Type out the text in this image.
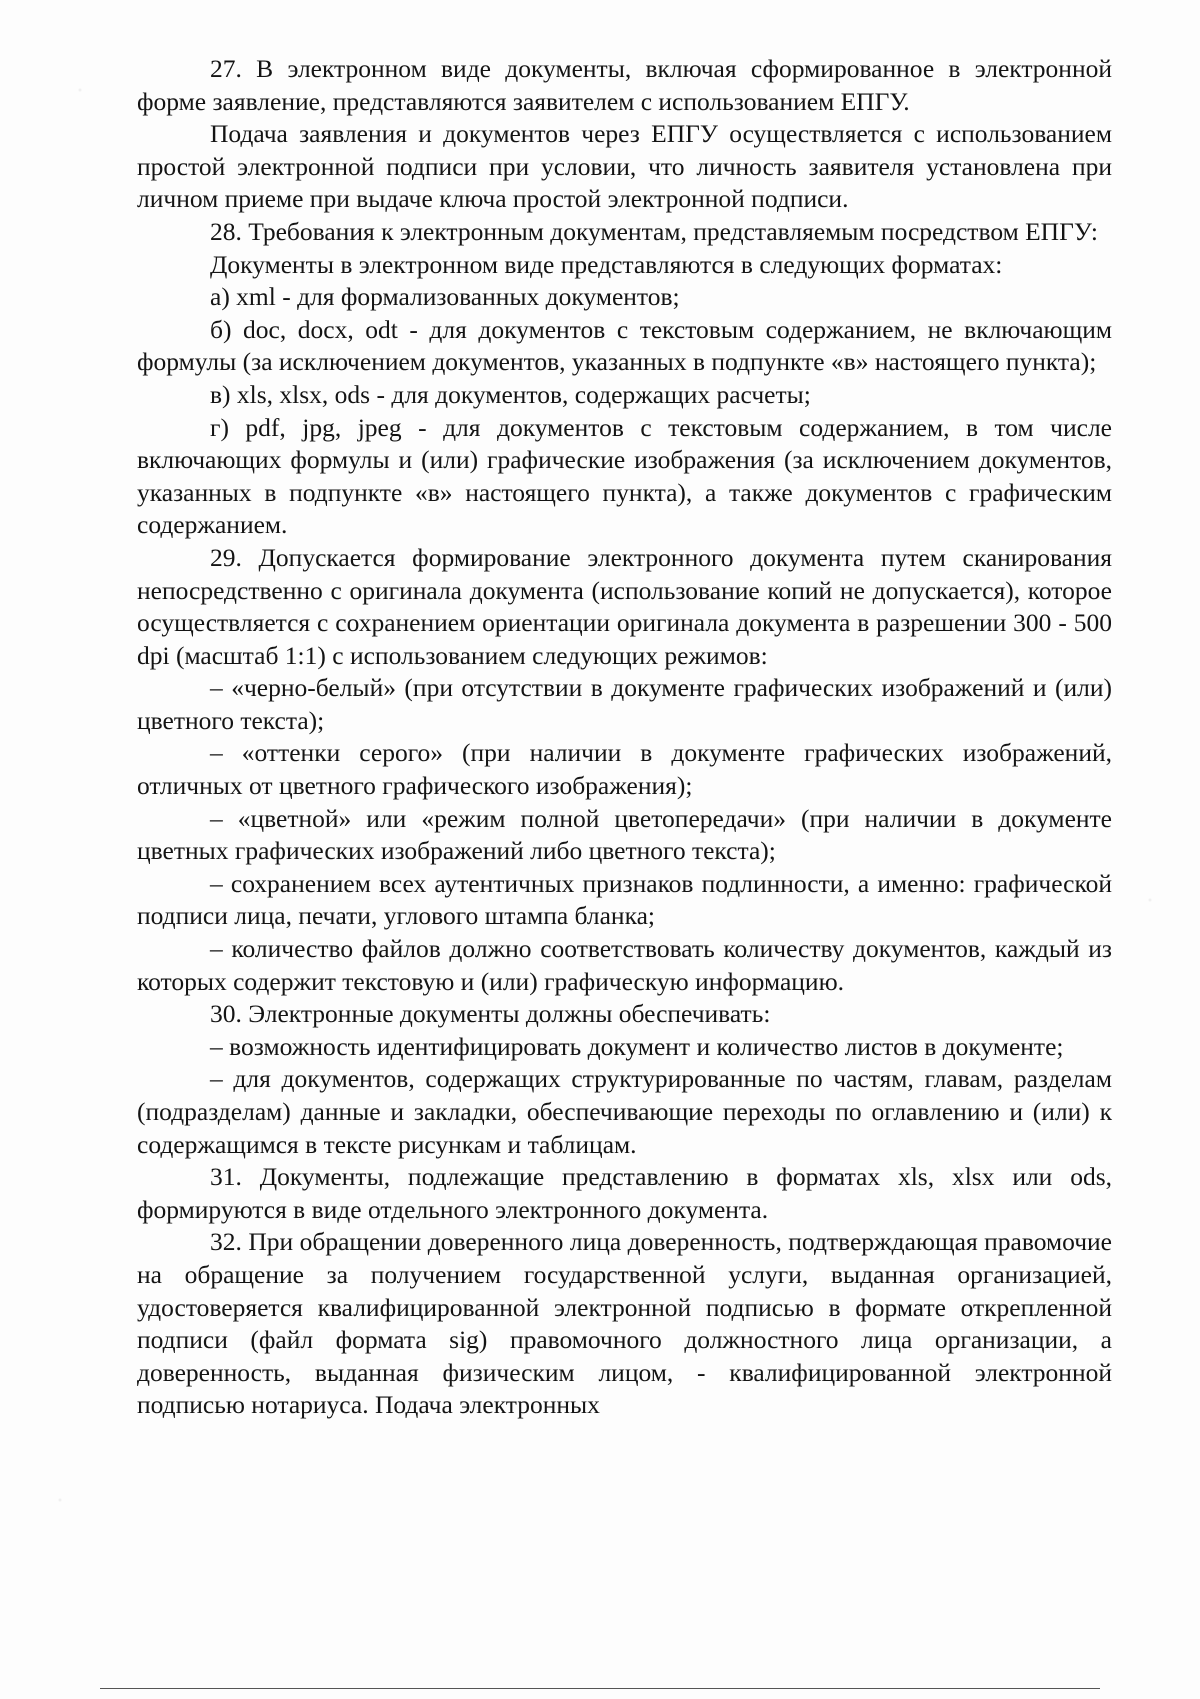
27. В электронном виде документы, включая сформированное в электронной форме заявление, представляются заявителем с использованием ЕПГУ.

Подача заявления и документов через ЕПГУ осуществляется с использованием простой электронной подписи при условии, что личность заявителя установлена при личном приеме при выдаче ключа простой электронной подписи.

28. Требования к электронным документам, представляемым посредством ЕПГУ:

Документы в электронном виде представляются в следующих форматах:

а) xml - для формализованных документов;

б) doc, docx, odt - для документов с текстовым содержанием, не включающим формулы (за исключением документов, указанных в подпункте «в» настоящего пункта);

в) xls, xlsx, ods - для документов, содержащих расчеты;

г) pdf, jpg, jpeg - для документов с текстовым содержанием, в том числе включающих формулы и (или) графические изображения (за исключением документов, указанных в подпункте «в» настоящего пункта), а также документов с графическим содержанием.

29. Допускается формирование электронного документа путем сканирования непосредственно с оригинала документа (использование копий не допускается), которое осуществляется с сохранением ориентации оригинала документа в разрешении 300 - 500 dpi (масштаб 1:1) с использованием следующих режимов:

– «черно-белый» (при отсутствии в документе графических изображений и (или) цветного текста);

– «оттенки серого» (при наличии в документе графических изображений, отличных от цветного графического изображения);

– «цветной» или «режим полной цветопередачи» (при наличии в документе цветных графических изображений либо цветного текста);

– сохранением всех аутентичных признаков подлинности, а именно: графической подписи лица, печати, углового штампа бланка;

– количество файлов должно соответствовать количеству документов, каждый из которых содержит текстовую и (или) графическую информацию.

30. Электронные документы должны обеспечивать:

– возможность идентифицировать документ и количество листов в документе;

– для документов, содержащих структурированные по частям, главам, разделам (подразделам) данные и закладки, обеспечивающие переходы по оглавлению и (или) к содержащимся в тексте рисункам и таблицам.

31. Документы, подлежащие представлению в форматах xls, xlsx или ods, формируются в виде отдельного электронного документа.

32. При обращении доверенного лица доверенность, подтверждающая правомочие на обращение за получением государственной услуги, выданная организацией, удостоверяется квалифицированной электронной подписью в формате открепленной подписи (файл формата sig) правомочного должностного лица организации, а доверенность, выданная физическим лицом, - квалифицированной электронной подписью нотариуса. Подача электронных
